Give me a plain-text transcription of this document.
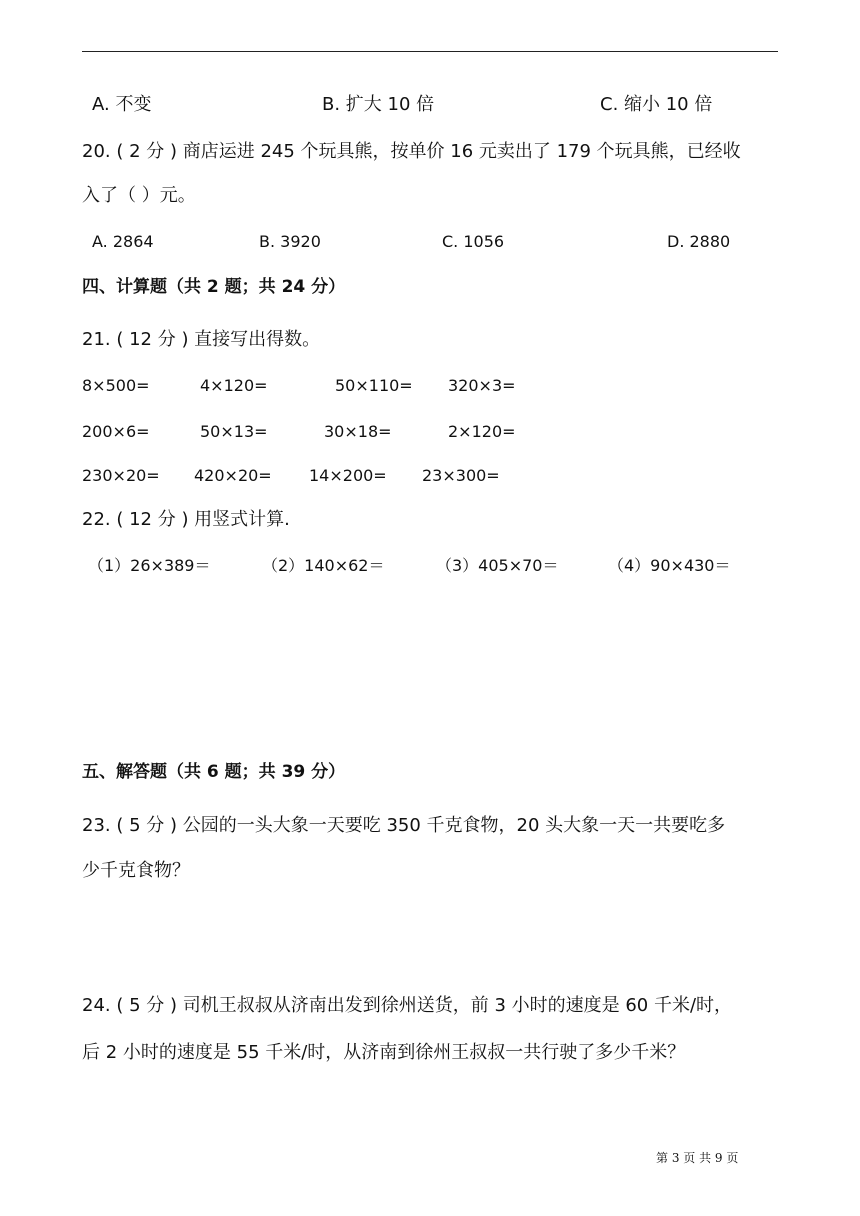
A. 不变	B. 扩大 10 倍	C. 缩小 10 倍
20. ( 2 分 ) 商店运进 245 个玩具熊，按单价 16 元卖出了 179 个玩具熊，已经收
入了（ ）元。
A. 2864	B. 3920	C. 1056	D. 2880
四、计算题（共 2 题；共 24 分）
21. ( 12 分 ) 直接写出得数。
8×500=	4×120=	50×110= 320×3=
200×6=	50×13=	30×18=	2×120=
230×20= 420×20= 14×200= 23×300=
22. ( 12 分 ) 用竖式计算.
（1）26×389＝	（2）140×62＝	（3）405×70＝	（4）90×430＝
五、解答题（共 6 题；共 39 分）
23. ( 5 分 ) 公园的一头大象一天要吃 350 千克食物，20 头大象一天一共要吃多
少千克食物？
24. ( 5 分 ) 司机王叔叔从济南出发到徐州送货，前 3 小时的速度是 60 千米/时，
后 2 小时的速度是 55 千米/时，从济南到徐州王叔叔一共行驶了多少千米？
第 3 页 共 9 页
